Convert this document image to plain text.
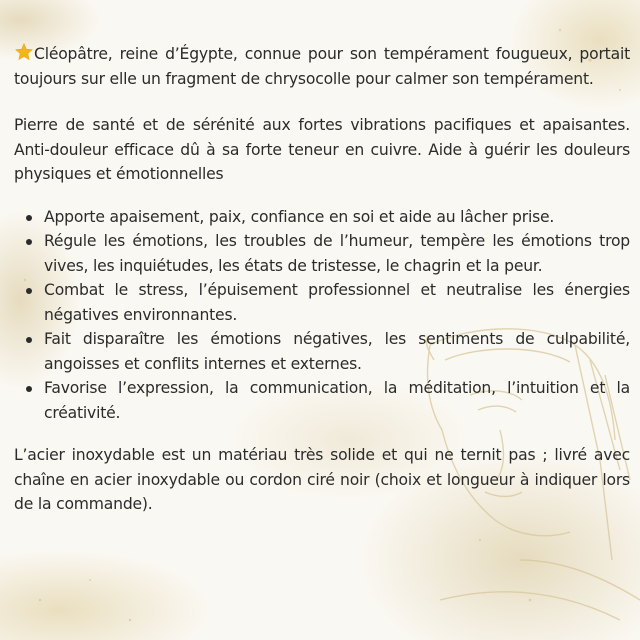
Cléopâtre, reine d’Égypte, connue pour son tempérament fougueux, portait toujours sur elle un fragment de chrysocolle pour calmer son tempérament.

Pierre de santé et de sérénité aux fortes vibrations pacifiques et apaisantes. Anti-douleur efficace dû à sa forte teneur en cuivre. Aide à guérir les douleurs physiques et émotionnelles

Apporte apaisement, paix, confiance en soi et aide au lâcher prise.
Régule les émotions, les troubles de l’humeur, tempère les émotions trop vives, les inquiétudes, les états de tristesse, le chagrin et la peur.
Combat le stress, l’épuisement professionnel et neutralise les énergies négatives environnantes.
Fait disparaître les émotions négatives, les sentiments de culpabilité, angoisses et conflits internes et externes.
Favorise l’expression, la communication, la méditation, l’intuition et la créativité.

L’acier inoxydable est un matériau très solide et qui ne ternit pas ; livré avec chaîne en acier inoxydable ou cordon ciré noir (choix et longueur à indiquer lors de la commande).
